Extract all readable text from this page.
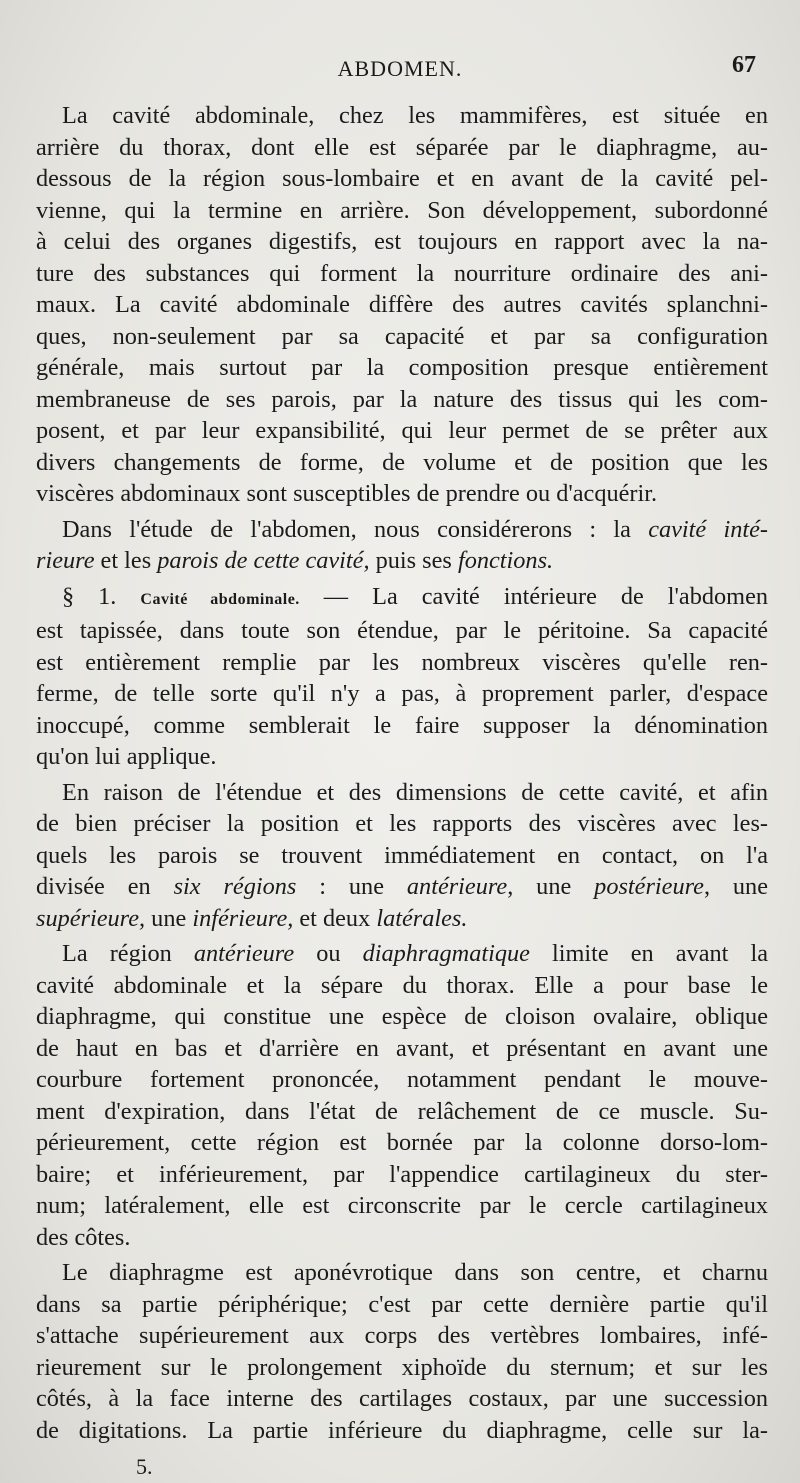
ABDOMEN.	67
La cavité abdominale, chez les mammifères, est située en
arrière du thorax, dont elle est séparée par le diaphragme, au-
dessous de la région sous-lombaire et en avant de la cavité pel-
vienne, qui la termine en arrière. Son développement, subordonné
à celui des organes digestifs, est toujours en rapport avec la na-
ture des substances qui forment la nourriture ordinaire des ani-
maux. La cavité abdominale diffère des autres cavités splanchni-
ques, non-seulement par sa capacité et par sa configuration
générale, mais surtout par la composition presque entièrement
membraneuse de ses parois, par la nature des tissus qui les com-
posent, et par leur expansibilité, qui leur permet de se prêter aux
divers changements de forme, de volume et de position que les
viscères abdominaux sont susceptibles de prendre ou d'acquérir.
Dans l'étude de l'abdomen, nous considérerons : la cavité inté-
rieure et les parois de cette cavité, puis ses fonctions.
§ 1. Cavité abdominale. — La cavité intérieure de l'abdomen
est tapissée, dans toute son étendue, par le péritoine. Sa capacité
est entièrement remplie par les nombreux viscères qu'elle ren-
ferme, de telle sorte qu'il n'y a pas, à proprement parler, d'espace
inoccupé, comme semblerait le faire supposer la dénomination
qu'on lui applique.
En raison de l'étendue et des dimensions de cette cavité, et afin
de bien préciser la position et les rapports des viscères avec les-
quels les parois se trouvent immédiatement en contact, on l'a
divisée en six régions : une antérieure, une postérieure, une
supérieure, une inférieure, et deux latérales.
La région antérieure ou diaphragmatique limite en avant la
cavité abdominale et la sépare du thorax. Elle a pour base le
diaphragme, qui constitue une espèce de cloison ovalaire, oblique
de haut en bas et d'arrière en avant, et présentant en avant une
courbure fortement prononcée, notamment pendant le mouve-
ment d'expiration, dans l'état de relâchement de ce muscle. Su-
périeurement, cette région est bornée par la colonne dorso-lom-
baire; et inférieurement, par l'appendice cartilagineux du ster-
num; latéralement, elle est circonscrite par le cercle cartilagineux
des côtes.
Le diaphragme est aponévrotique dans son centre, et charnu
dans sa partie périphérique; c'est par cette dernière partie qu'il
s'attache supérieurement aux corps des vertèbres lombaires, infé-
rieurement sur le prolongement xiphoïde du sternum; et sur les
côtés, à la face interne des cartilages costaux, par une succession
de digitations. La partie inférieure du diaphragme, celle sur la-
5.
